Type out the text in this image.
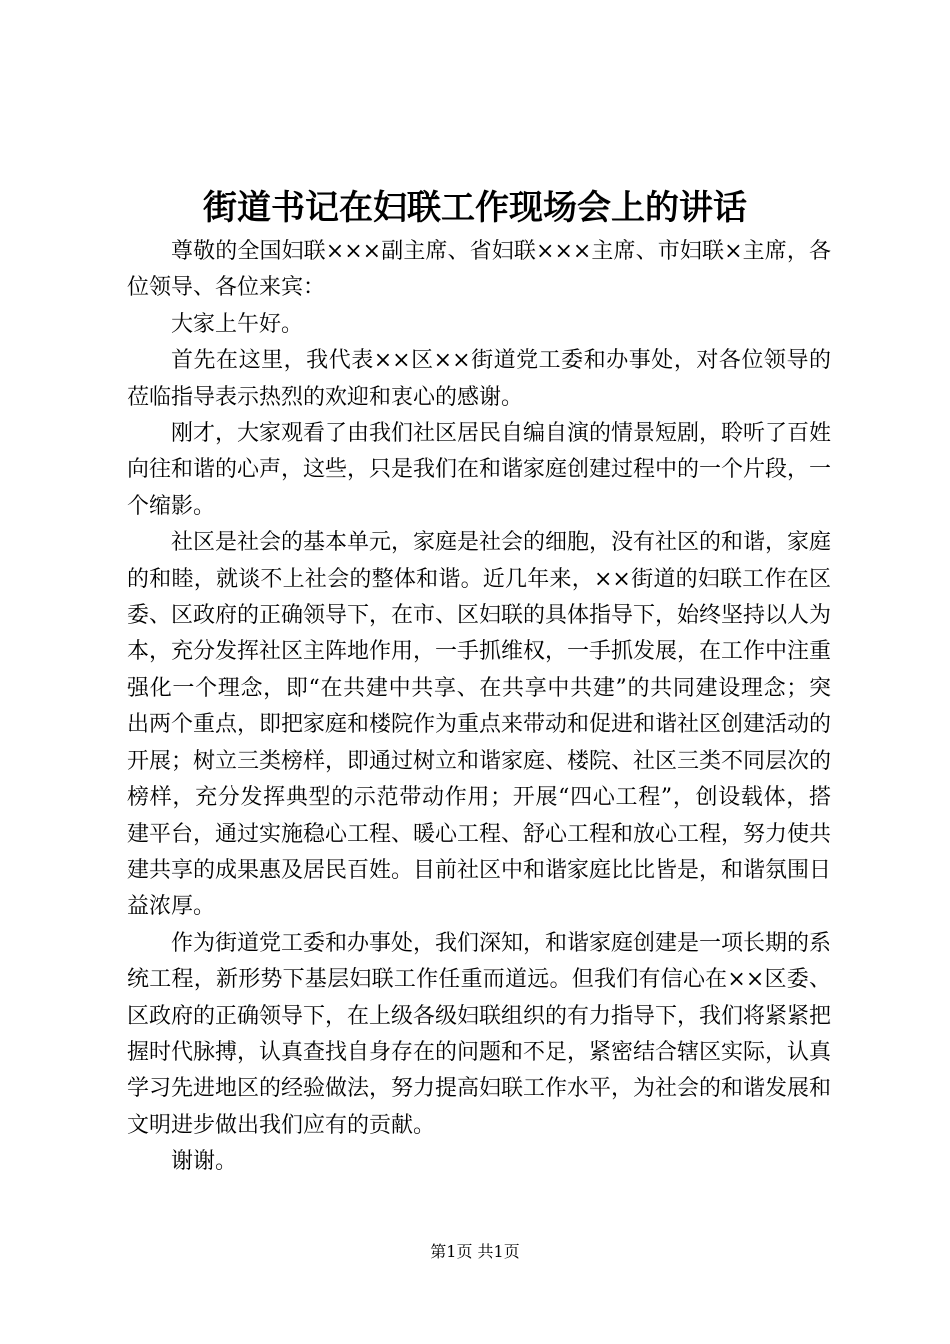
街道书记在妇联工作现场会上的讲话

尊敬的全国妇联×××副主席、省妇联×××主席、市妇联×主席，各位领导、各位来宾：

大家上午好。

首先在这里，我代表××区××街道党工委和办事处，对各位领导的莅临指导表示热烈的欢迎和衷心的感谢。

刚才，大家观看了由我们社区居民自编自演的情景短剧，聆听了百姓向往和谐的心声，这些，只是我们在和谐家庭创建过程中的一个片段，一个缩影。

社区是社会的基本单元，家庭是社会的细胞，没有社区的和谐，家庭的和睦，就谈不上社会的整体和谐。近几年来，××街道的妇联工作在区委、区政府的正确领导下，在市、区妇联的具体指导下，始终坚持以人为本，充分发挥社区主阵地作用，一手抓维权，一手抓发展，在工作中注重强化一个理念，即“在共建中共享、在共享中共建”的共同建设理念；突出两个重点，即把家庭和楼院作为重点来带动和促进和谐社区创建活动的开展；树立三类榜样，即通过树立和谐家庭、楼院、社区三类不同层次的榜样，充分发挥典型的示范带动作用；开展“四心工程”，创设载体，搭建平台，通过实施稳心工程、暖心工程、舒心工程和放心工程，努力使共建共享的成果惠及居民百姓。目前社区中和谐家庭比比皆是，和谐氛围日益浓厚。

作为街道党工委和办事处，我们深知，和谐家庭创建是一项长期的系统工程，新形势下基层妇联工作任重而道远。但我们有信心在××区委、区政府的正确领导下，在上级各级妇联组织的有力指导下，我们将紧紧把握时代脉搏，认真查找自身存在的问题和不足，紧密结合辖区实际，认真学习先进地区的经验做法，努力提高妇联工作水平，为社会的和谐发展和文明进步做出我们应有的贡献。

谢谢。

第1页 共1页
